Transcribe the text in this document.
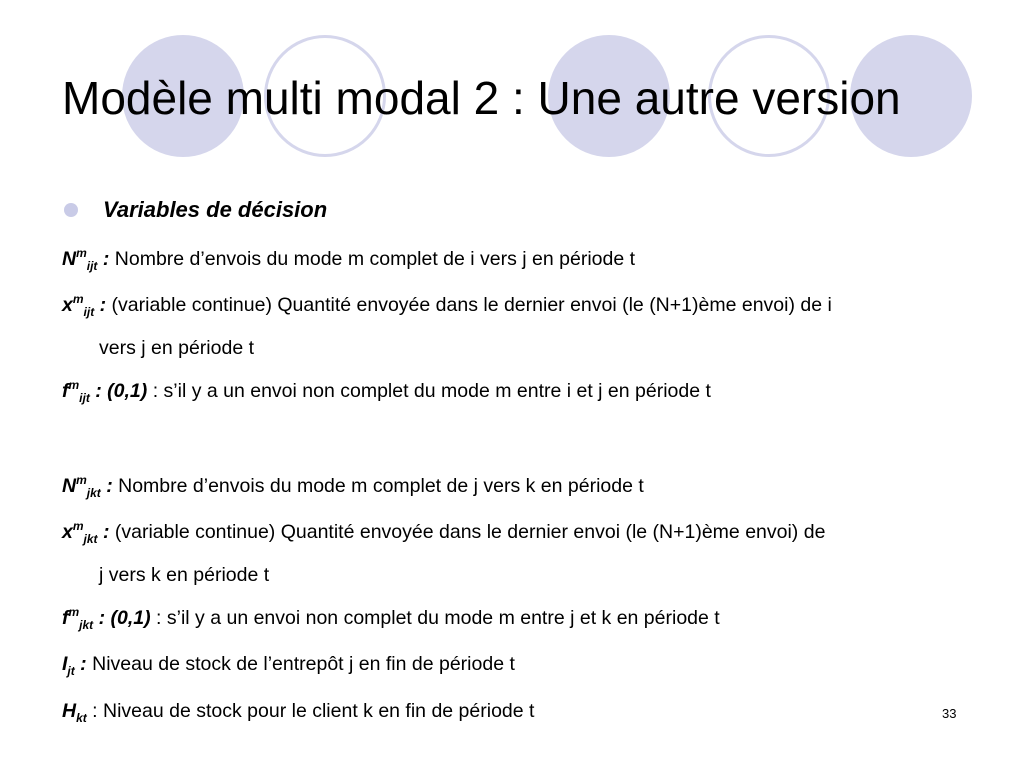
Modèle multi modal 2 : Une autre version
Variables de décision
$N^m_{ijt}$ : Nombre d’envois du mode m complet de i vers j en période t
$x^m_{ijt}$ : (variable continue) Quantité envoyée dans le dernier envoi (le (N+1)ème envoi) de i
vers j en période t
$f^m_{ijt}$ : (0,1) : s’il y a un envoi non complet du mode m entre i et j en période t
$N^m_{jkt}$ : Nombre d’envois du mode m complet de j vers k en période t
$x^m_{jkt}$ : (variable continue) Quantité envoyée dans le dernier envoi (le (N+1)ème envoi) de
j vers k en période t
$f^m_{jkt}$ : (0,1) : s’il y a un envoi non complet du mode m entre j et k en période t
$I_{jt}$ : Niveau de stock de l’entrepôt j en fin de période t
$H_{kt}$ : Niveau de stock pour le client k en fin de période t	33
